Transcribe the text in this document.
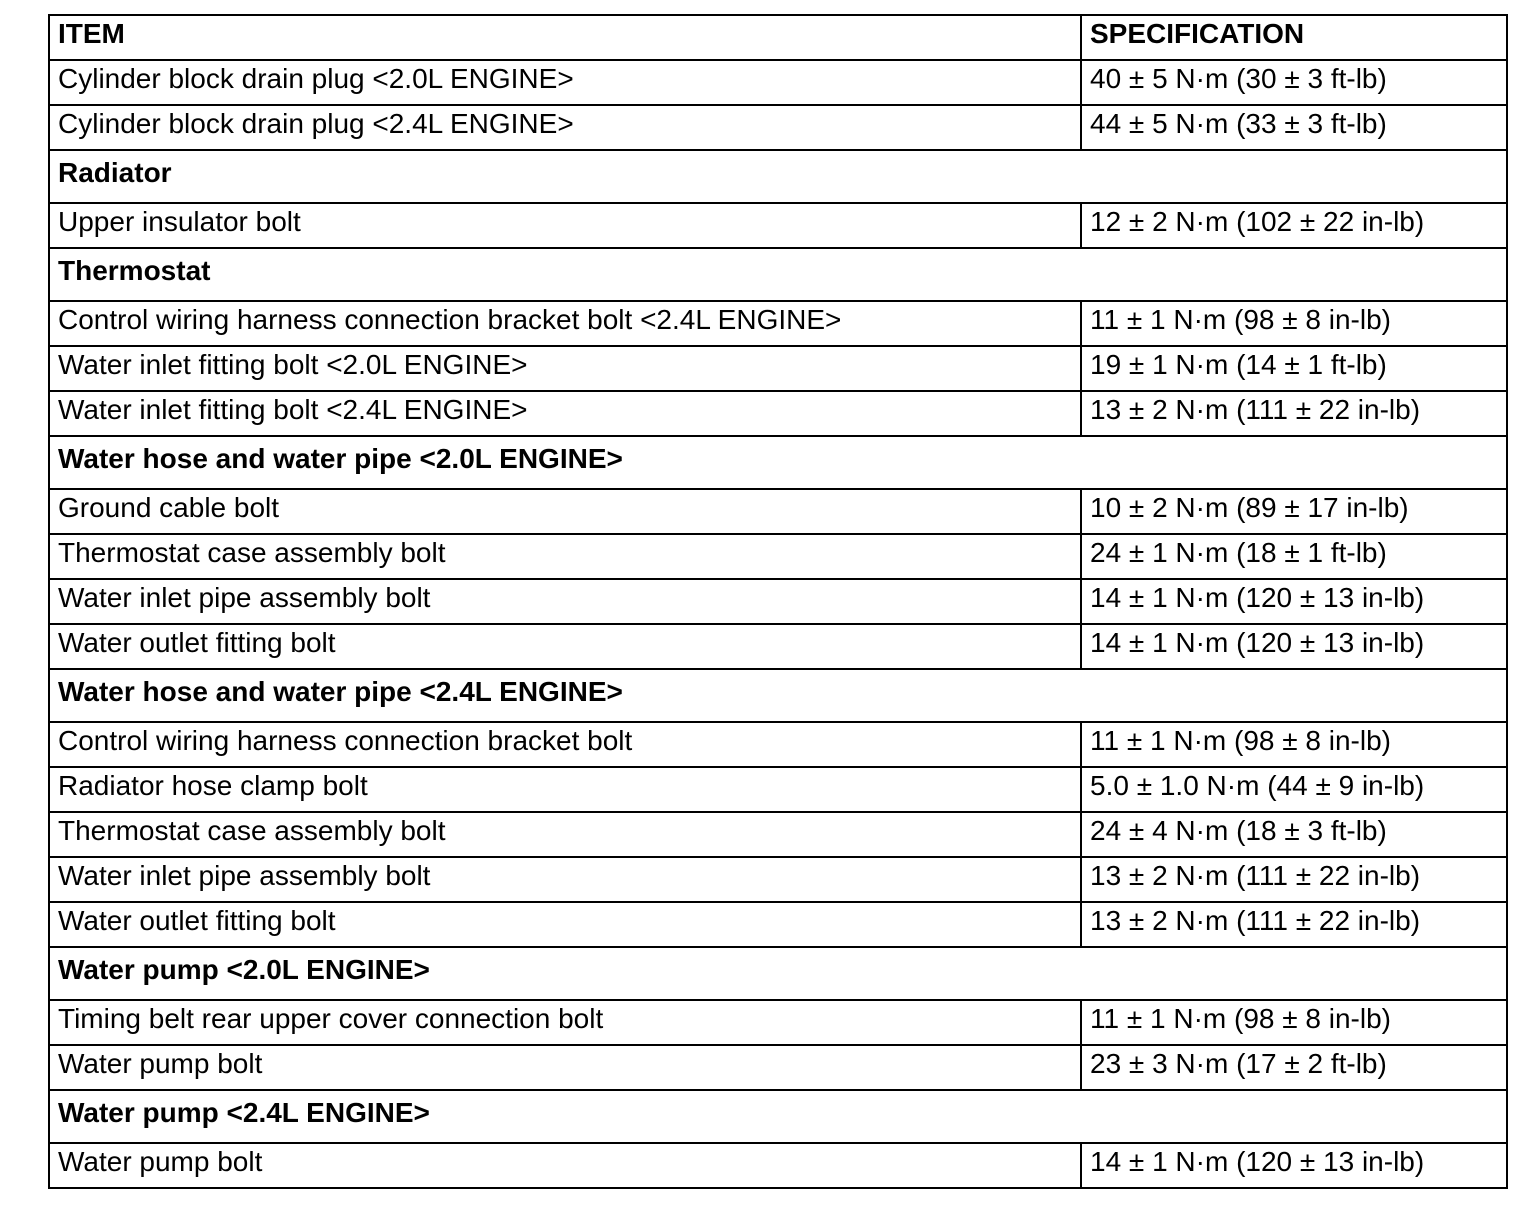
ITEM	SPECIFICATION
Cylinder block drain plug <2.0L ENGINE>	40 ± 5 N·m (30 ± 3 ft-lb)
Cylinder block drain plug <2.4L ENGINE>	44 ± 5 N·m (33 ± 3 ft-lb)
Radiator	
Upper insulator bolt	12 ± 2 N·m (102 ± 22 in-lb)
Thermostat	
Control wiring harness connection bracket bolt <2.4L ENGINE>	11 ± 1 N·m (98 ± 8 in-lb)
Water inlet fitting bolt <2.0L ENGINE>	19 ± 1 N·m (14 ± 1 ft-lb)
Water inlet fitting bolt <2.4L ENGINE>	13 ± 2 N·m (111 ± 22 in-lb)
Water hose and water pipe <2.0L ENGINE>	
Ground cable bolt	10 ± 2 N·m (89 ± 17 in-lb)
Thermostat case assembly bolt	24 ± 1 N·m (18 ± 1 ft-lb)
Water inlet pipe assembly bolt	14 ± 1 N·m (120 ± 13 in-lb)
Water outlet fitting bolt	14 ± 1 N·m (120 ± 13 in-lb)
Water hose and water pipe <2.4L ENGINE>	
Control wiring harness connection bracket bolt	11 ± 1 N·m (98 ± 8 in-lb)
Radiator hose clamp bolt	5.0 ± 1.0 N·m (44 ± 9 in-lb)
Thermostat case assembly bolt	24 ± 4 N·m (18 ± 3 ft-lb)
Water inlet pipe assembly bolt	13 ± 2 N·m (111 ± 22 in-lb)
Water outlet fitting bolt	13 ± 2 N·m (111 ± 22 in-lb)
Water pump <2.0L ENGINE>	
Timing belt rear upper cover connection bolt	11 ± 1 N·m (98 ± 8 in-lb)
Water pump bolt	23 ± 3 N·m (17 ± 2 ft-lb)
Water pump <2.4L ENGINE>	
Water pump bolt	14 ± 1 N·m (120 ± 13 in-lb)
